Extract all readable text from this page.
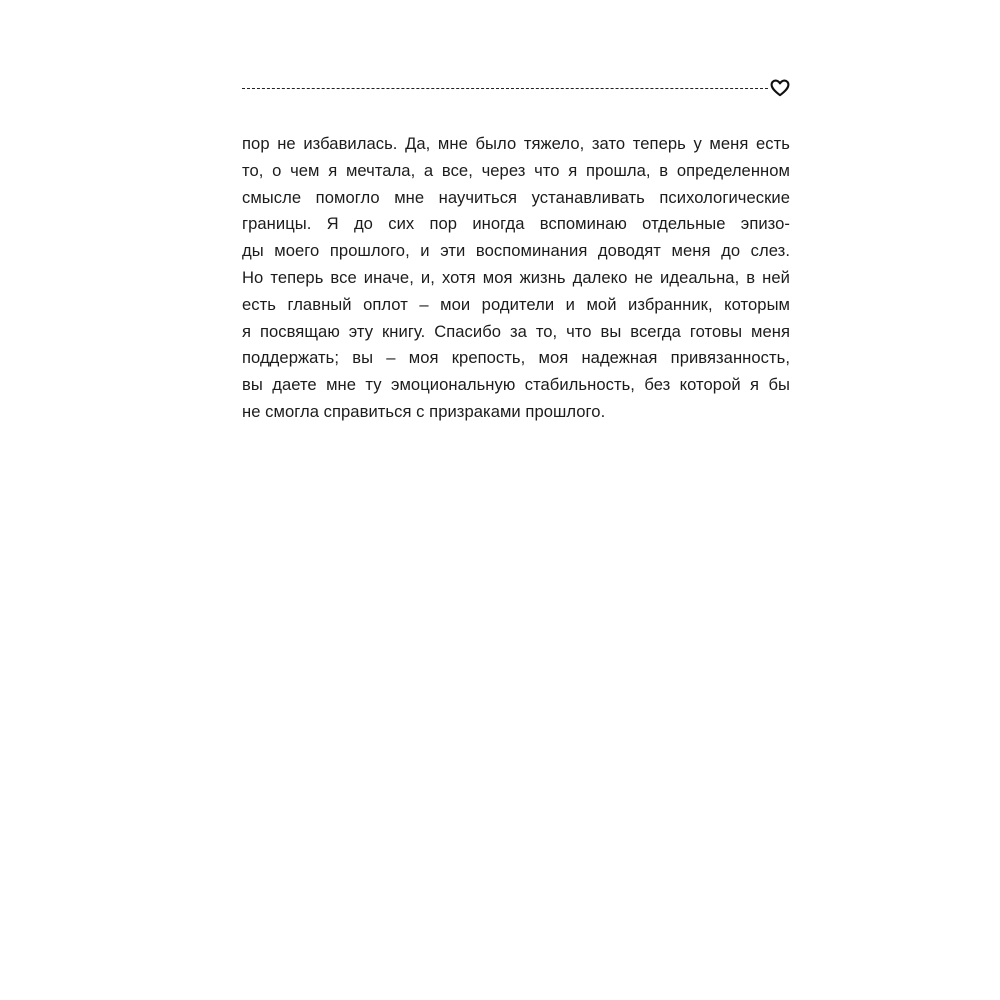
пор не избавилась. Да, мне было тяжело, зато теперь у меня есть
то, о чем я мечтала, а все, через что я прошла, в определенном
смысле помогло мне научиться устанавливать психологические
границы. Я до сих пор иногда вспоминаю отдельные эпизо-
ды моего прошлого, и эти воспоминания доводят меня до слез.
Но теперь все иначе, и, хотя моя жизнь далеко не идеальна, в ней
есть главный оплот – мои родители и мой избранник, которым
я посвящаю эту книгу. Спасибо за то, что вы всегда готовы меня
поддержать; вы – моя крепость, моя надежная привязанность,
вы даете мне ту эмоциональную стабильность, без которой я бы
не смогла справиться с призраками прошлого.
